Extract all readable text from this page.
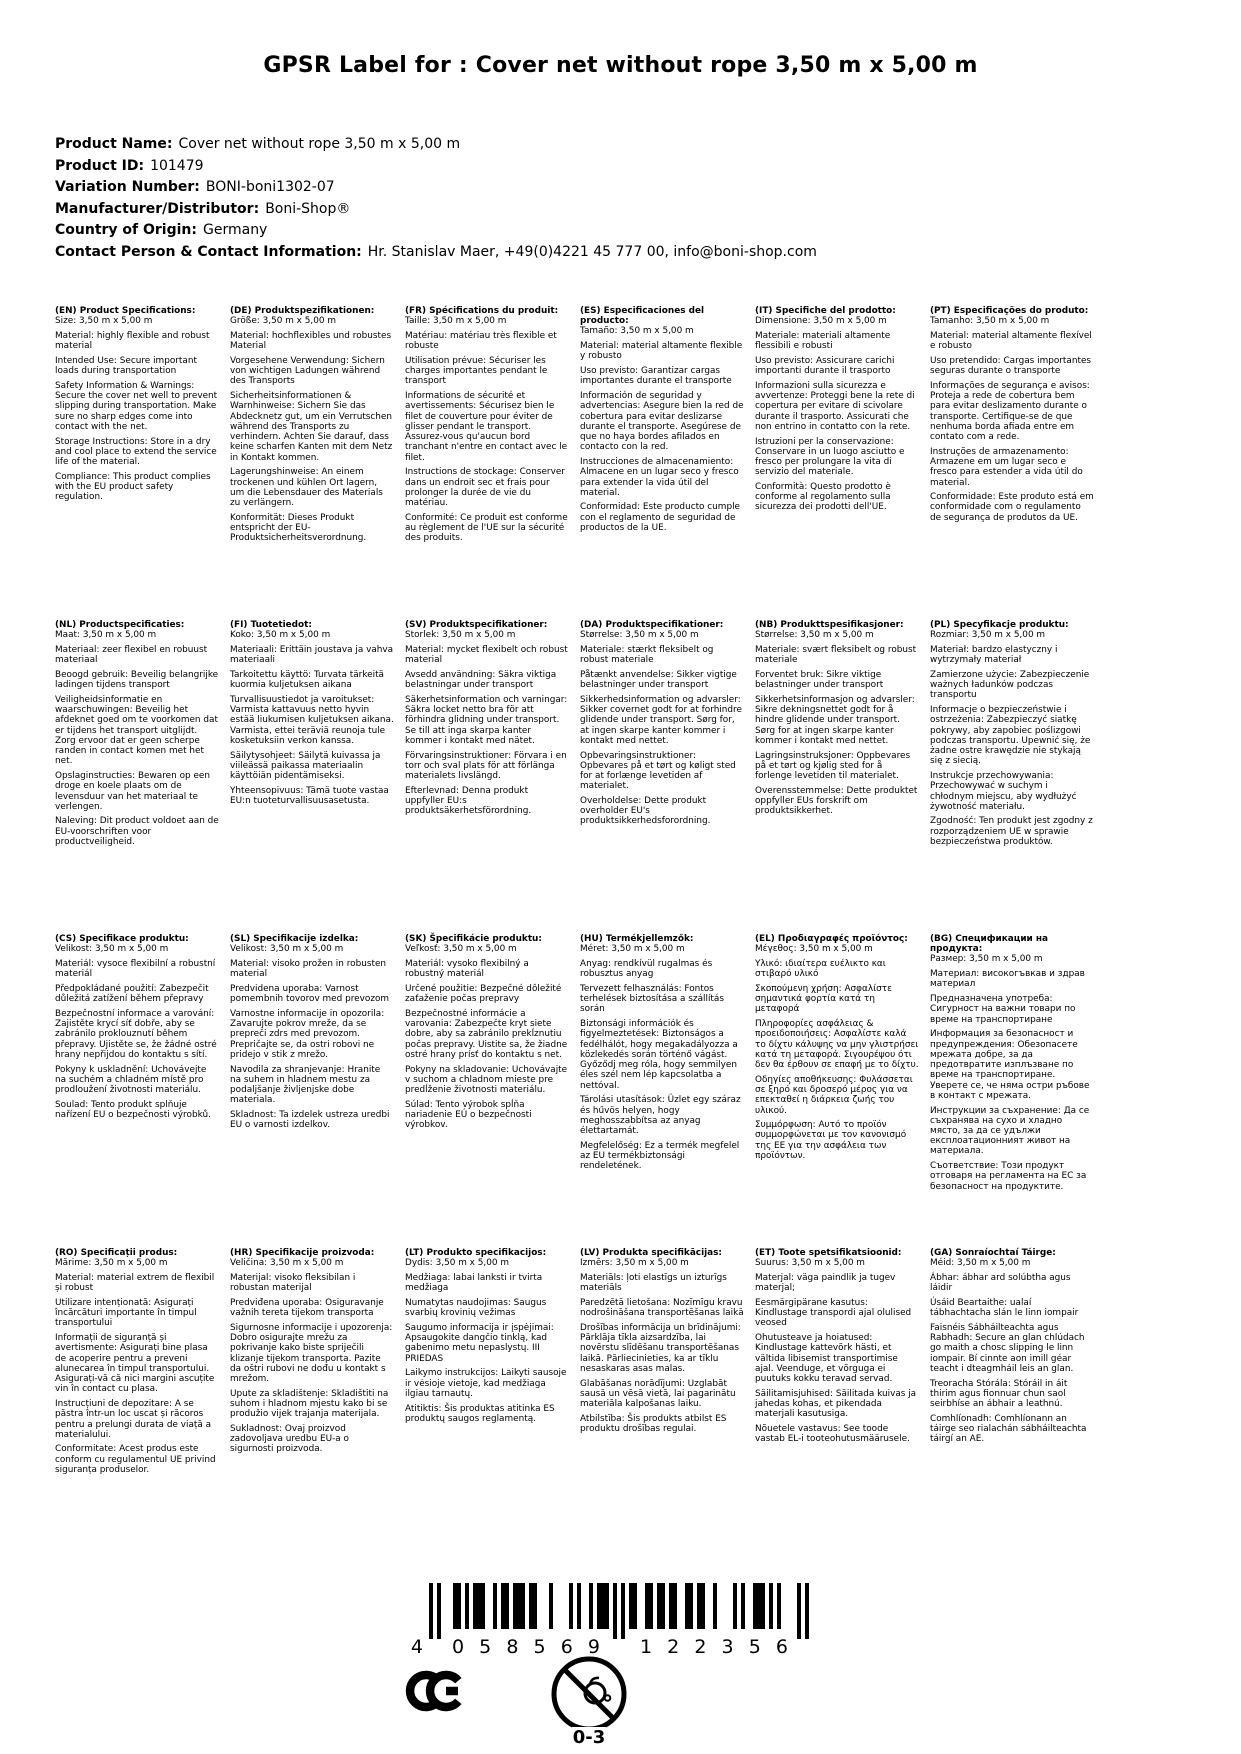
GPSR Label for : Cover net without rope 3,50 m x 5,00 m
Product Name: Cover net without rope 3,50 m x 5,00 m
Product ID: 101479
Variation Number: BONI-boni1302-07
Manufacturer/Distributor: Boni-Shop®
Country of Origin: Germany
Contact Person & Contact Information: Hr. Stanislav Maer, +49(0)4221 45 777 00, info@boni-shop.com
(EN) Product Specifications:

Size: 3,50 m x 5,00 m

Material: highly flexible and robust material

Intended Use: Secure important loads during transportation

Safety Information & Warnings: Secure the cover net well to prevent slipping during transportation. Make sure no sharp edges come into contact with the net.

Storage Instructions: Store in a dry and cool place to extend the service life of the material.

Compliance: This product complies with the EU product safety regulation.

(DE) Produktspezifikationen:

Größe: 3,50 m x 5,00 m

Material: hochflexibles und robustes Material

Vorgesehene Verwendung: Sichern von wichtigen Ladungen während des Transports

Sicherheitsinformationen & Warnhinweise: Sichern Sie das Abdecknetz gut, um ein Verrutschen während des Transports zu verhindern. Achten Sie darauf, dass keine scharfen Kanten mit dem Netz in Kontakt kommen.

Lagerungshinweise: An einem trockenen und kühlen Ort lagern, um die Lebensdauer des Materials zu verlängern.

Konformität: Dieses Produkt entspricht der EU-Produktsicherheitsverordnung.

(FR) Spécifications du produit:

Taille: 3,50 m x 5,00 m

Matériau: matériau très flexible et robuste

Utilisation prévue: Sécuriser les charges importantes pendant le transport

Informations de sécurité et avertissements: Sécurisez bien le filet de couverture pour éviter de glisser pendant le transport. Assurez-vous qu'aucun bord tranchant n'entre en contact avec le filet.

Instructions de stockage: Conserver dans un endroit sec et frais pour prolonger la durée de vie du matériau.

Conformité: Ce produit est conforme au règlement de l'UE sur la sécurité des produits.

(ES) Especificaciones del producto:

Tamaño: 3,50 m x 5,00 m

Material: material altamente flexible y robusto

Uso previsto: Garantizar cargas importantes durante el transporte

Información de seguridad y advertencias: Asegure bien la red de cobertura para evitar deslizarse durante el transporte. Asegúrese de que no haya bordes afilados en contacto con la red.

Instrucciones de almacenamiento: Almacene en un lugar seco y fresco para extender la vida útil del material.

Conformidad: Este producto cumple con el reglamento de seguridad de productos de la UE.

(IT) Specifiche del prodotto:

Dimensione: 3,50 m x 5,00 m

Materiale: materiali altamente flessibili e robusti

Uso previsto: Assicurare carichi importanti durante il trasporto

Informazioni sulla sicurezza e avvertenze: Proteggi bene la rete di copertura per evitare di scivolare durante il trasporto. Assicurati che non entrino in contatto con la rete.

Istruzioni per la conservazione: Conservare in un luogo asciutto e fresco per prolungare la vita di servizio del materiale.

Conformità: Questo prodotto è conforme al regolamento sulla sicurezza dei prodotti dell'UE.

(PT) Especificações do produto:

Tamanho: 3,50 m x 5,00 m

Material: material altamente flexível e robusto

Uso pretendido: Cargas importantes seguras durante o transporte

Informações de segurança e avisos: Proteja a rede de cobertura bem para evitar deslizamento durante o transporte. Certifique-se de que nenhuma borda afiada entre em contato com a rede.

Instruções de armazenamento: Armazene em um lugar seco e fresco para estender a vida útil do material.

Conformidade: Este produto está em conformidade com o regulamento de segurança de produtos da UE.

(NL) Productspecificaties:

Maat: 3,50 m x 5,00 m

Materiaal: zeer flexibel en robuust materiaal

Beoogd gebruik: Beveilig belangrijke ladingen tijdens transport

Veiligheidsinformatie en waarschuwingen: Beveilig het afdeknet goed om te voorkomen dat er tijdens het transport uitglijdt. Zorg ervoor dat er geen scherpe randen in contact komen met het net.

Opslaginstructies: Bewaren op een droge en koele plaats om de levensduur van het materiaal te verlengen.

Naleving: Dit product voldoet aan de EU-voorschriften voor productveiligheid.

(FI) Tuotetiedot:

Koko: 3,50 m x 5,00 m

Materiaali: Erittäin joustava ja vahva materiaali

Tarkoitettu käyttö: Turvata tärkeitä kuormia kuljetuksen aikana

Turvallisuustiedot ja varoitukset: Varmista kattavuus netto hyvin estää liukumisen kuljetuksen aikana. Varmista, ettei teräviä reunoja tule kosketuksiin verkon kanssa.

Säilytysohjeet: Säilytä kuivassa ja viileässä paikassa materiaalin käyttöiän pidentämiseksi.

Yhteensopivuus: Tämä tuote vastaa EU:n tuoteturvallisuusasetusta.

(SV) Produktspecifikationer:

Storlek: 3,50 m x 5,00 m

Material: mycket flexibelt och robust material

Avsedd användning: Säkra viktiga belastningar under transport

Säkerhetsinformation och varningar: Säkra locket netto bra för att förhindra glidning under transport. Se till att inga skarpa kanter kommer i kontakt med nätet.

Förvaringsinstruktioner: Förvara i en torr och sval plats för att förlänga materialets livslängd.

Efterlevnad: Denna produkt uppfyller EU:s produktsäkerhetsförordning.

(DA) Produktspecifikationer:

Størrelse: 3,50 m x 5,00 m

Materiale: stærkt fleksibelt og robust materiale

Påtænkt anvendelse: Sikker vigtige belastninger under transport

Sikkerhedsinformation og advarsler: Sikker covernet godt for at forhindre glidende under transport. Sørg for, at ingen skarpe kanter kommer i kontakt med nettet.

Opbevaringsinstruktioner: Opbevares på et tørt og køligt sted for at forlænge levetiden af materialet.

Overholdelse: Dette produkt overholder EU's produktsikkerhedsforordning.

(NB) Produkttspesifikasjoner:

Størrelse: 3,50 m x 5,00 m

Materiale: svært fleksibelt og robust materiale

Forventet bruk: Sikre viktige belastninger under transport

Sikkerhetsinformasjon og advarsler: Sikre dekningsnettet godt for å hindre glidende under transport. Sørg for at ingen skarpe kanter kommer i kontakt med nettet.

Lagringsinstruksjoner: Oppbevares på et tørt og kjølig sted for å forlenge levetiden til materialet.

Overensstemmelse: Dette produktet oppfyller EUs forskrift om produktsikkerhet.

(PL) Specyfikacje produktu:

Rozmiar: 3,50 m x 5,00 m

Materiał: bardzo elastyczny i wytrzymały materiał

Zamierzone użycie: Zabezpieczenie ważnych ładunków podczas transportu

Informacje o bezpieczeństwie i ostrzeżenia: Zabezpieczyć siatkę pokrywy, aby zapobiec poślizgowi podczas transportu. Upewnić się, że żadne ostre krawędzie nie stykają się z siecią.

Instrukcje przechowywania: Przechowywać w suchym i chłodnym miejscu, aby wydłużyć żywotność materiału.

Zgodność: Ten produkt jest zgodny z rozporządzeniem UE w sprawie bezpieczeństwa produktów.

(CS) Specifikace produktu:

Velikost: 3,50 m x 5,00 m

Materiál: vysoce flexibilní a robustní materiál

Předpokládané použití: Zabezpečit důležitá zatížení během přepravy

Bezpečnostní informace a varování: Zajistěte krycí síť dobře, aby se zabránilo proklouznutí během přepravy. Ujistěte se, že žádné ostré hrany nepřijdou do kontaktu s sítí.

Pokyny k uskladnění: Uchovávejte na suchém a chladném místě pro prodloužení životnosti materiálu.

Soulad: Tento produkt splňuje nařízení EU o bezpečnosti výrobků.

(SL) Specifikacije izdelka:

Velikost: 3,50 m x 5,00 m

Material: visoko prožen in robusten material

Predvidena uporaba: Varnost pomembnih tovorov med prevozom

Varnostne informacije in opozorila: Zavarujte pokrov mreže, da se prepreči zdrs med prevozom. Prepričajte se, da ostri robovi ne pridejo v stik z mrežo.

Navodila za shranjevanje: Hranite na suhem in hladnem mestu za podaljšanje življenjske dobe materiala.

Skladnost: Ta izdelek ustreza uredbi EU o varnosti izdelkov.

(SK) Špecifikácie produktu:

Veľkosť: 3,50 m x 5,00 m

Materiál: vysoko flexibilný a robustný materiál

Určené použitie: Bezpečné dôležité zaťaženie počas prepravy

Bezpečnostné informácie a varovania: Zabezpečte kryt siete dobre, aby sa zabránilo prekĺznutiu počas prepravy. Uistite sa, že žiadne ostré hrany prísť do kontaktu s net.

Pokyny na skladovanie: Uchovávajte v suchom a chladnom mieste pre predĺženie životnosti materiálu.

Súlad: Tento výrobok spĺňa nariadenie EÚ o bezpečnosti výrobkov.

(HU) Termékjellemzők:

Méret: 3,50 m x 5,00 m

Anyag: rendkívül rugalmas és robusztus anyag

Tervezett felhasználás: Fontos terhelések biztosítása a szállítás során

Biztonsági információk és figyelmeztetések: Biztonságos a fedélhálót, hogy megakadályozza a közlekedés során történő vágást. Győződj meg róla, hogy semmilyen éles szél nem lép kapcsolatba a nettóval.

Tárolási utasítások: Üzlet egy száraz és hűvös helyen, hogy meghosszabbítsa az anyag élettartamát.

Megfelelőség: Ez a termék megfelel az EU termékbiztonsági rendeletének.

(EL) Προδιαγραφές προϊόντος:

Μέγεθος: 3,50 m x 5,00 m

Υλικό: ιδιαίτερα ευέλικτο και στιβαρό υλικό

Σκοπούμενη χρήση: Ασφαλίστε σημαντικά φορτία κατά τη μεταφορά

Πληροφορίες ασφάλειας & προειδοποιήσεις: Ασφαλίστε καλά το δίχτυ κάλυψης να μην γλιστρήσει κατά τη μεταφορά. Σιγουρέψου ότι δεν θα έρθουν σε επαφή με το δίχτυ.

Οδηγίες αποθήκευσης: Φυλάσσεται σε ξηρό και δροσερό μέρος για να επεκταθεί η διάρκεια ζωής του υλικού.

Συμμόρφωση: Αυτό το προϊόν συμμορφώνεται με τον κανονισμό της ΕΕ για την ασφάλεια των προϊόντων.

(BG) Спецификации на продукта:

Размер: 3,50 m x 5,00 m

Материал: високогъвкав и здрав материал

Предназначена употреба: Сигурност на важни товари по време на транспортиране

Информация за безопасност и предупреждения: Обезопасете мрежата добре, за да предотвратите изплъзване по време на транспортиране. Уверете се, че няма остри ръбове в контакт с мрежата.

Инструкции за съхранение: Да се съхранява на сухо и хладно място, за да се удължи експлоатационният живот на материала.

Съответствие: Този продукт отговаря на регламента на ЕС за безопасност на продуктите.

(RO) Specificații produs:

Mărime: 3,50 m x 5,00 m

Material: material extrem de flexibil și robust

Utilizare intenționată: Asigurați încărcături importante în timpul transportului

Informații de siguranță și avertismente: Asigurați bine plasa de acoperire pentru a preveni alunecarea în timpul transportului. Asigurați-vă că nici margini ascuțite vin în contact cu plasa.

Instrucțiuni de depozitare: A se păstra într-un loc uscat și răcoros pentru a prelungi durata de viață a materialului.

Conformitate: Acest produs este conform cu regulamentul UE privind siguranța produselor.

(HR) Specifikacije proizvoda:

Veličina: 3,50 m x 5,00 m

Materijal: visoko fleksibilan i robustan materijal

Predviđena uporaba: Osiguravanje važnih tereta tijekom transporta

Sigurnosne informacije i upozorenja: Dobro osigurajte mrežu za pokrivanje kako biste spriječili klizanje tijekom transporta. Pazite da oštri rubovi ne dođu u kontakt s mrežom.

Upute za skladištenje: Skladištiti na suhom i hladnom mjestu kako bi se produžio vijek trajanja materijala.

Sukladnost: Ovaj proizvod zadovoljava uredbu EU-a o sigurnosti proizvoda.

(LT) Produkto specifikacijos:

Dydis: 3,50 m x 5,00 m

Medžiaga: labai lanksti ir tvirta medžiaga

Numatytas naudojimas: Saugus svarbių krovinių vežimas

Saugumo informacija ir įspėjimai: Apsaugokite dangčio tinklą, kad gabenimo metu nepaslystų. III PRIEDAS

Laikymo instrukcijos: Laikyti sausoje ir vėsioje vietoje, kad medžiaga ilgiau tarnautų.

Atitiktis: Šis produktas atitinka ES produktų saugos reglamentą.

(LV) Produkta specifikācijas:

Izmērs: 3,50 m x 5,00 m

Materiāls: ļoti elastīgs un izturīgs materiāls

Paredzētā lietošana: Nozīmīgu kravu nodrošināšana transportēšanas laikā

Drošības informācija un brīdinājumi: Pārklāja tīkla aizsardzība, lai novērstu slīdēšanu transportēšanas laikā. Pārliecinieties, ka ar tīklu nesaskaras asas malas.

Glabāšanas norādījumi: Uzglabāt sausā un vēsā vietā, lai pagarinātu materiāla kalpošanas laiku.

Atbilstība: Šis produkts atbilst ES produktu drošības regulai.

(ET) Toote spetsifikatsioonid:

Suurus: 3,50 m x 5,00 m

Materjal: väga paindlik ja tugev materjal;

Eesmärgipärane kasutus: Kindlustage transpordi ajal olulised veosed

Ohutusteave ja hoiatused: Kindlustage kattevõrk hästi, et vältida libisemist transportimise ajal. Veenduge, et võrguga ei puutuks kokku teravad servad.

Säilitamisjuhised: Säilitada kuivas ja jahedas kohas, et pikendada materjali kasutusiga.

Nõuetele vastavus: See toode vastab EL-i tooteohutusmäärusele.

(GA) Sonraíochtaí Táirge:

Méid: 3,50 m x 5,00 m

Ábhar: ábhar ard solúbtha agus láidir

Úsáid Beartaithe: ualaí tábhachtacha slán le linn iompair

Faisnéis Sábháilteachta agus Rabhadh: Secure an glan chlúdach go maith a chosc slipping le linn iompair. Bí cinnte aon imill géar teacht i dteagmháil leis an glan.

Treoracha Stórála: Stóráil in áit thirim agus fionnuar chun saol seirbhíse an ábhair a leathnú.

Comhlíonadh: Comhlíonann an táirge seo rialachán sábháilteachta táirgí an AE.

4 058569 122356
0-3
